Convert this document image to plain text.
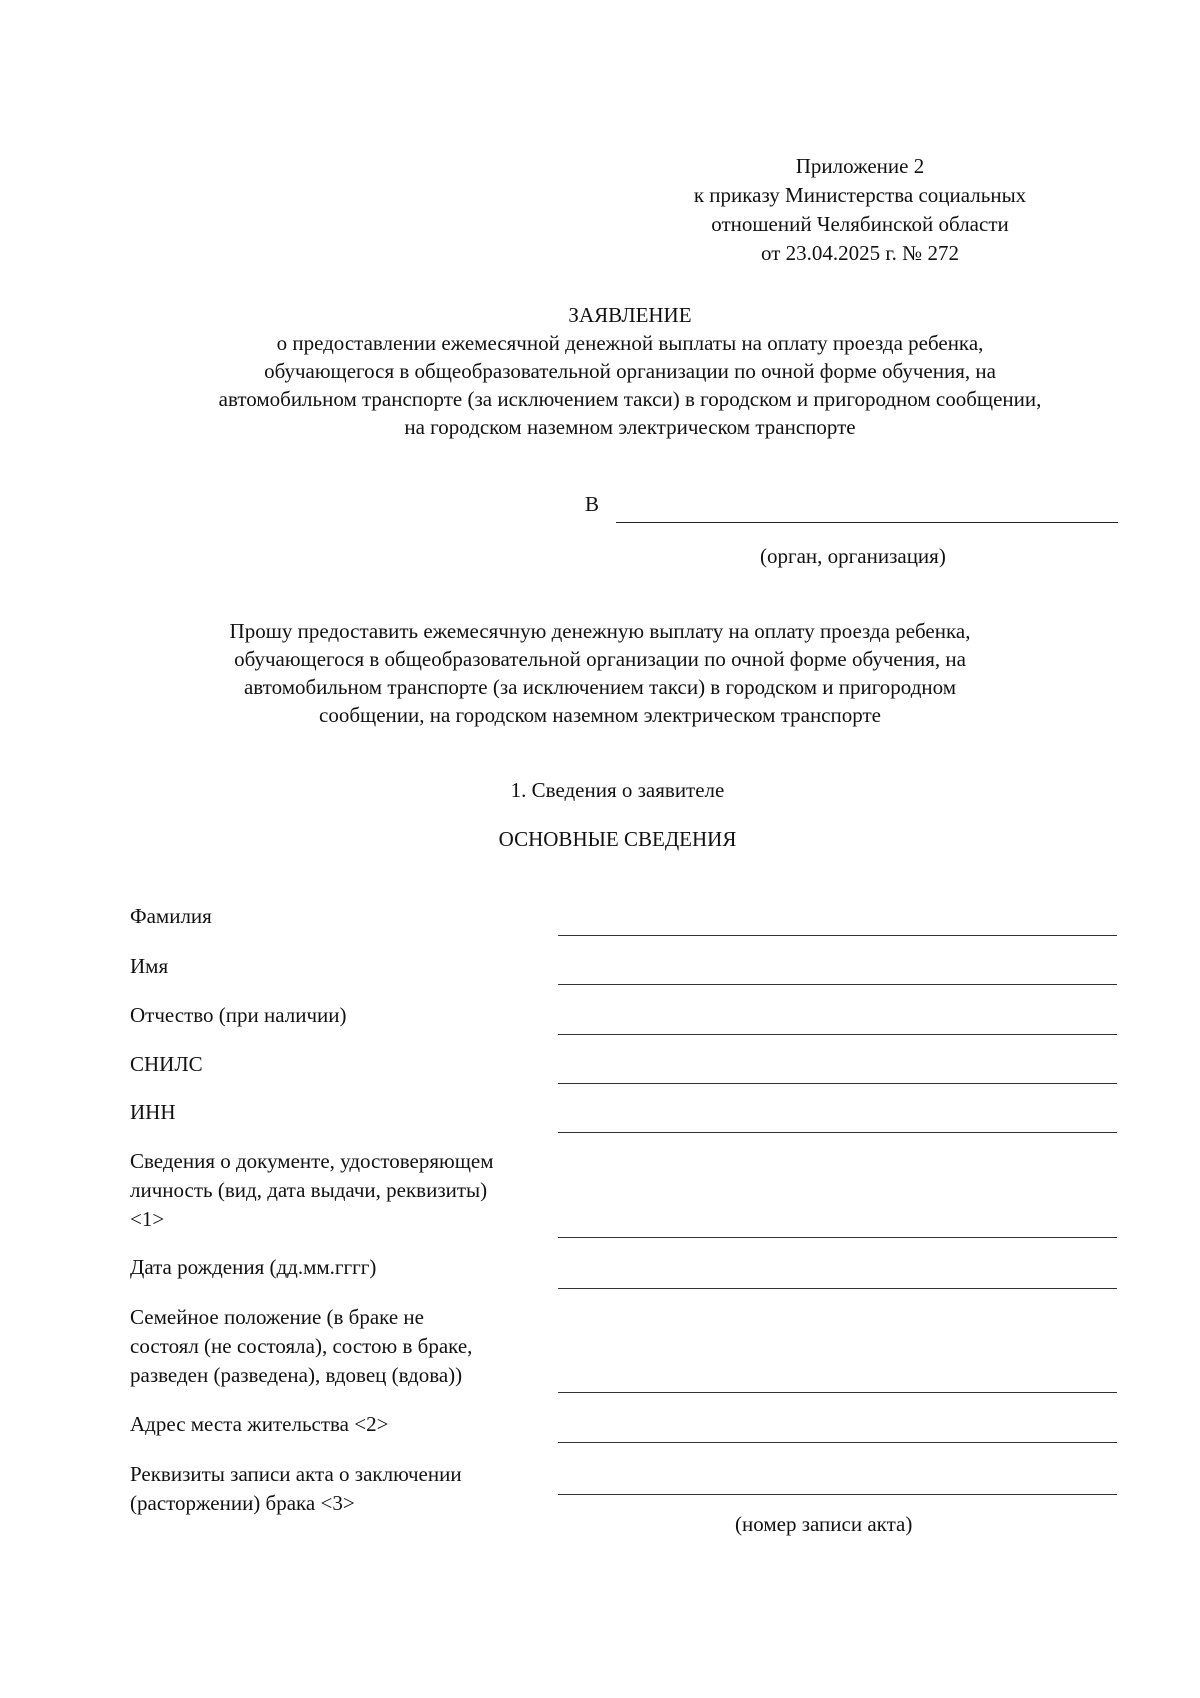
Приложение 2
к приказу Министерства социальных
отношений Челябинской области
от 23.04.2025 г. № 272
ЗАЯВЛЕНИЕ
о предоставлении ежемесячной денежной выплаты на оплату проезда ребенка,
обучающегося в общеобразовательной организации по очной форме обучения, на
автомобильном транспорте (за исключением такси) в городском и пригородном сообщении,
на городском наземном электрическом транспорте
В
(орган, организация)
Прошу предоставить ежемесячную денежную выплату на оплату проезда ребенка,
обучающегося в общеобразовательной организации по очной форме обучения, на
автомобильном транспорте (за исключением такси) в городском и пригородном
сообщении, на городском наземном электрическом транспорте
1. Сведения о заявителе
ОСНОВНЫЕ СВЕДЕНИЯ
Фамилия
Имя
Отчество (при наличии)
СНИЛС
ИНН
Сведения о документе, удостоверяющем
личность (вид, дата выдачи, реквизиты)
<1>
Дата рождения (дд.мм.гггг)
Семейное положение (в браке не
состоял (не состояла), состою в браке,
разведен (разведена), вдовец (вдова))
Адрес места жительства <2>
Реквизиты записи акта о заключении
(расторжении) брака <3>
(номер записи акта)
